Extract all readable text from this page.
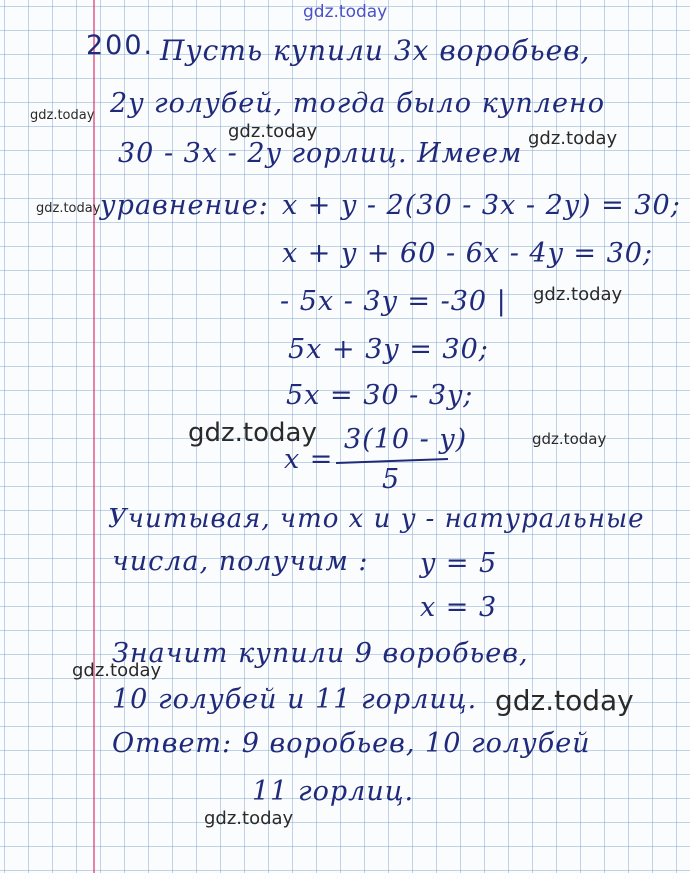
gdz.today
200. Пусть купили 3x воробьев,
2y голубей, тогда было куплено
30 - 3x - 2y горлиц. Имеем
уравнение: x + y - 2(30 - 3x - 2y) = 30;
x + y + 60 - 6x - 4y = 30;
- 5x - 3y = -30 |
5x + 3y = 30;
5x = 30 - 3y;
x =
3(10 - y)
5
Учитывая, что x и y - натуральные
числа, получим : y = 5
x = 3
Значит купили 9 воробьев,
10 голубей и 11 горлиц.
Ответ: 9 воробьев, 10 голубей
11 горлиц.
gdz.today
gdz.today	gdz.today
gdz.today
gdz.today
gdz.today	gdz.today
gdz.today
gdz.today
gdz.today
